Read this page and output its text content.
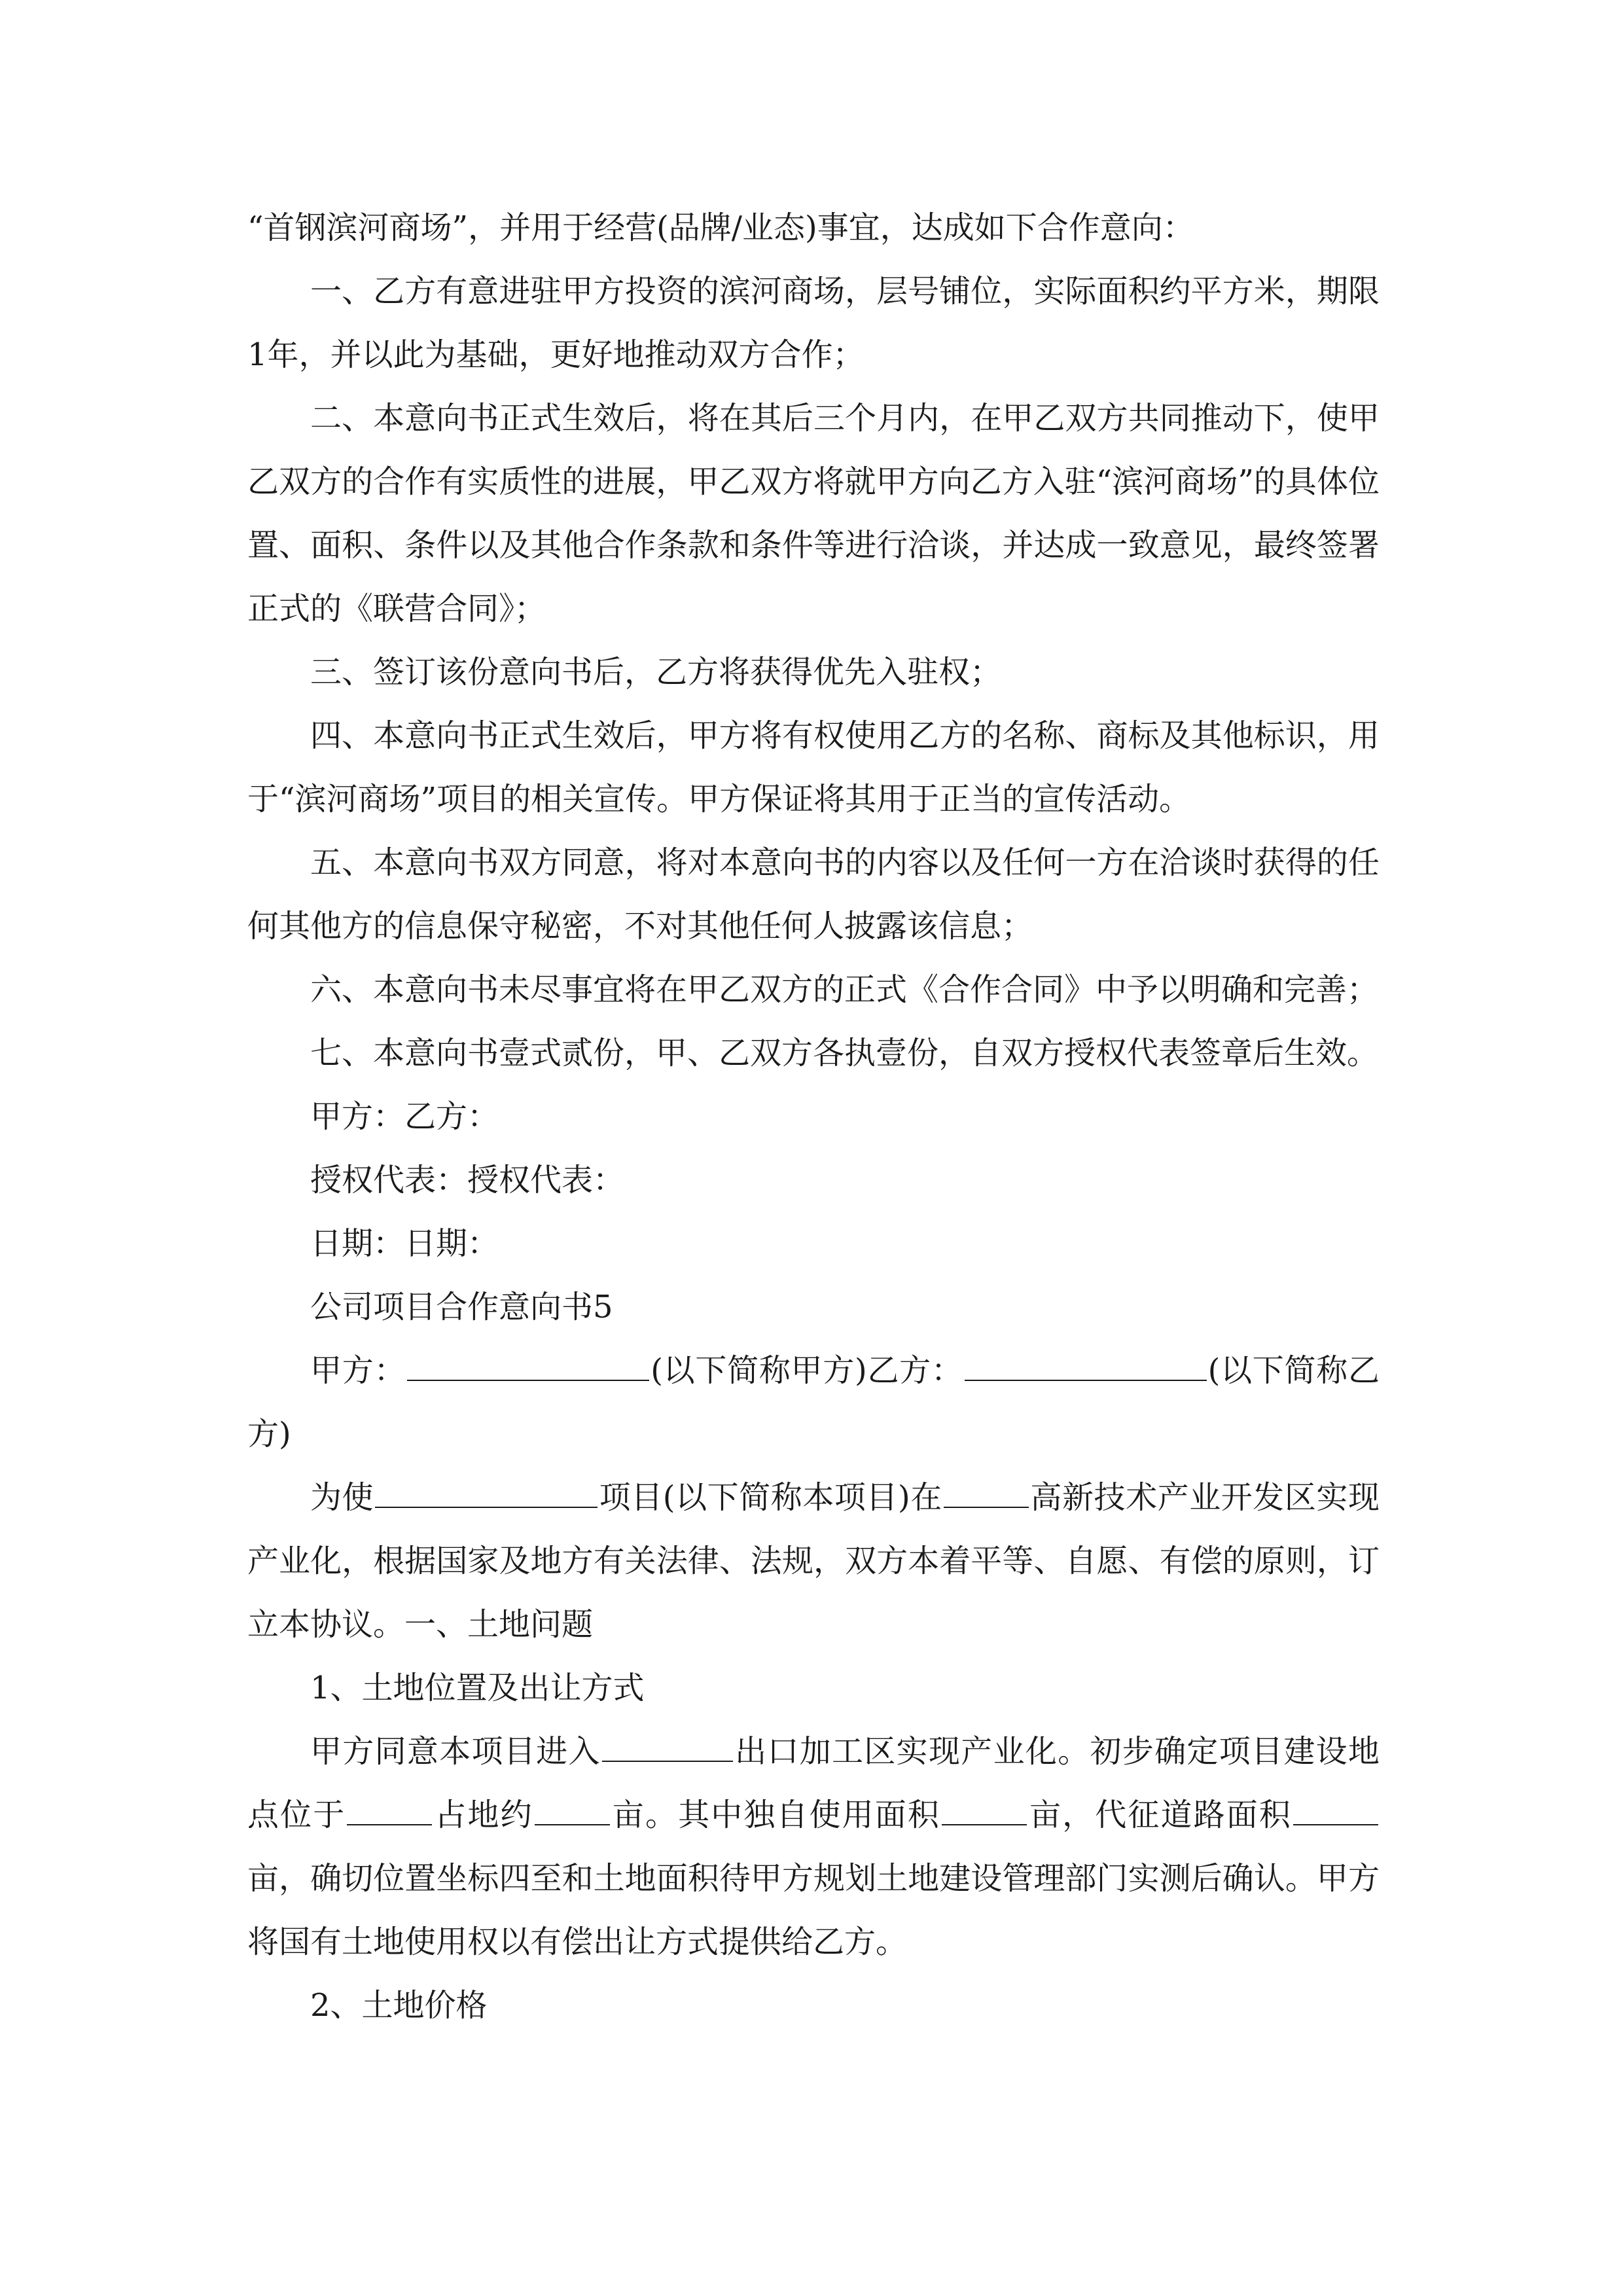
“首钢滨河商场”，并用于经营(品牌/业态)事宜，达成如下合作意向：

一、乙方有意进驻甲方投资的滨河商场，层号铺位，实际面积约平方米，期限1年，并以此为基础，更好地推动双方合作；

二、本意向书正式生效后，将在其后三个月内，在甲乙双方共同推动下，使甲乙双方的合作有实质性的进展，甲乙双方将就甲方向乙方入驻“滨河商场”的具体位置、面积、条件以及其他合作条款和条件等进行洽谈，并达成一致意见，最终签署正式的《联营合同》；

三、签订该份意向书后，乙方将获得优先入驻权；

四、本意向书正式生效后，甲方将有权使用乙方的名称、商标及其他标识，用于“滨河商场”项目的相关宣传。甲方保证将其用于正当的宣传活动。

五、本意向书双方同意，将对本意向书的内容以及任何一方在洽谈时获得的任何其他方的信息保守秘密，不对其他任何人披露该信息；

六、本意向书未尽事宜将在甲乙双方的正式《合作合同》中予以明确和完善；

七、本意向书壹式贰份，甲、乙双方各执壹份，自双方授权代表签章后生效。

甲方：乙方：

授权代表：授权代表：

日期：日期：

公司项目合作意向书5

甲方：	(以下简称甲方)乙方：	(以下简称乙方)

为使	项目(以下简称本项目)在	高新技术产业开发区实现产业化，根据国家及地方有关法律、法规，双方本着平等、自愿、有偿的原则，订立本协议。一、土地问题

1、土地位置及出让方式

甲方同意本项目进入	出口加工区实现产业化。初步确定项目建设地点位于	占地约 亩。其中独自使用面积	亩，代征道路面积亩，确切位置坐标四至和土地面积待甲方规划土地建设管理部门实测后确认。甲方将国有土地使用权以有偿出让方式提供给乙方。

2、土地价格
